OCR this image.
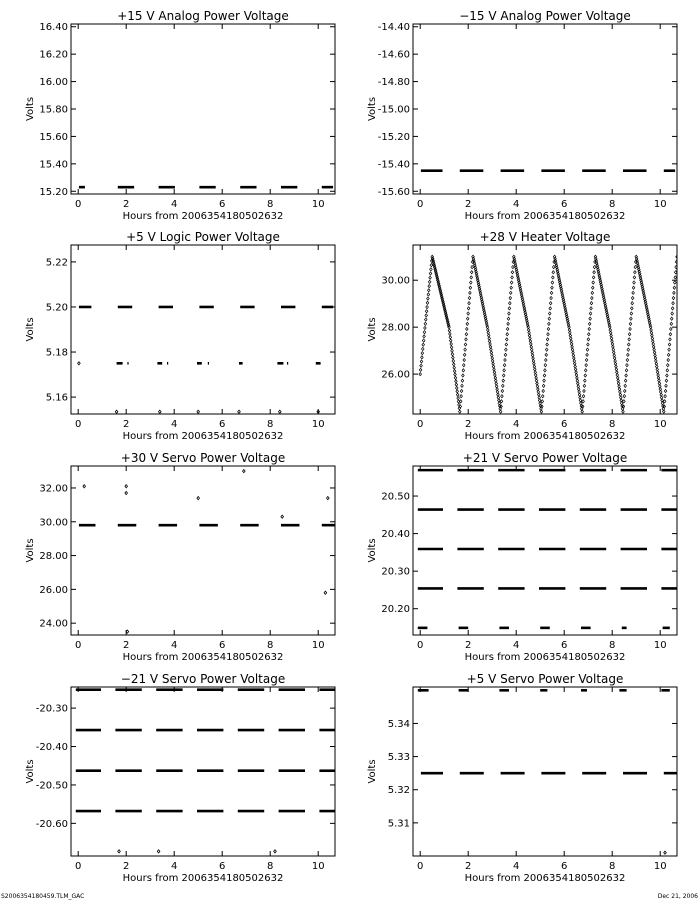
+15 V Analog Power Voltage
0	2	4	6	8	10
Hours from 2006354180502632
15.20
15.40
15.60
15.80
16.00
16.20
16.40
Volts
−15 V Analog Power Voltage
0	2	4	6	8	10
Hours from 2006354180502632
-15.60
-15.40
-15.20
-15.00
-14.80
-14.60
-14.40
Volts
+5 V Logic Power Voltage
0	2	4	6	8	10
Hours from 2006354180502632
5.16
5.18
5.20
5.22
Volts
+28 V Heater Voltage
0	2	4	6	8	10
Hours from 2006354180502632
26.00
28.00
30.00
Volts
+30 V Servo Power Voltage
0	2	4	6	8	10
Hours from 2006354180502632
24.00
26.00
28.00
30.00
32.00
Volts
+21 V Servo Power Voltage
0	2	4	6	8	10
Hours from 2006354180502632
20.20
20.30
20.40
20.50
Volts
−21 V Servo Power Voltage
0	2	4	6	8	10
Hours from 2006354180502632
-20.60
-20.50
-20.40
-20.30
Volts
+5 V Servo Power Voltage
0	2	4	6	8	10
Hours from 2006354180502632
5.31
5.32
5.33
5.34
Volts
S2006354180459.TLM_GAC	Dec 21, 2006
